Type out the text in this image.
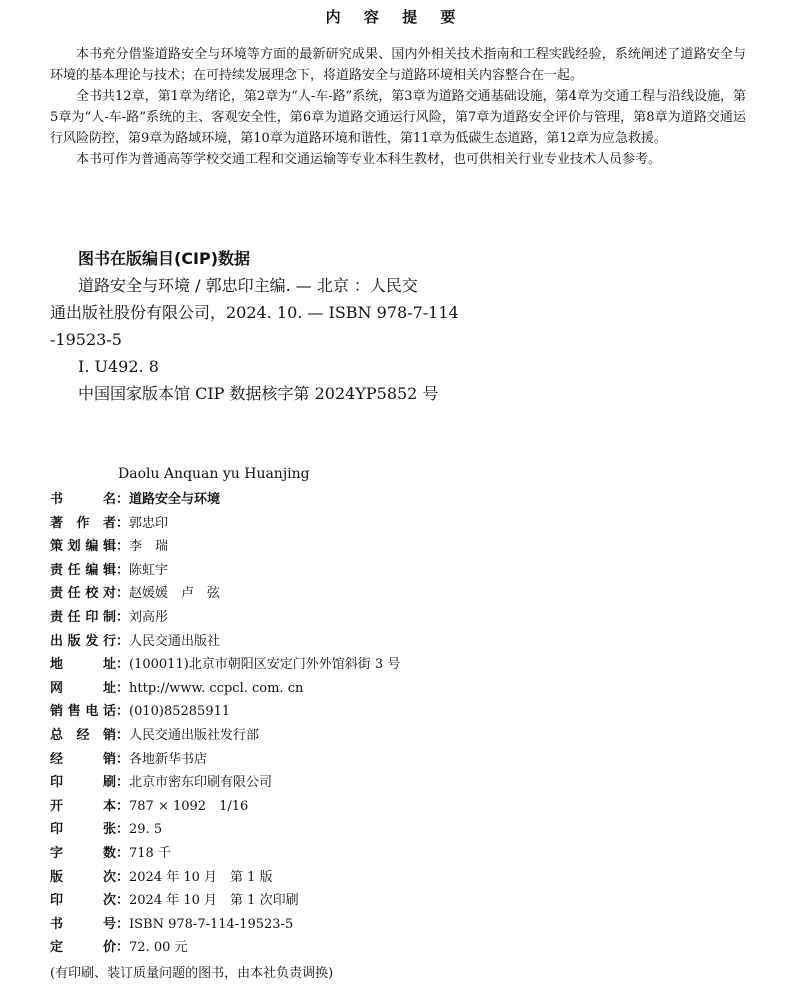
内 容 提 要

本书充分借鉴道路安全与环境等方面的最新研究成果、国内外相关技术指南和工程实践经验，系统阐述了道路安全与环境的基本理论与技术；在可持续发展理念下，将道路安全与道路环境相关内容整合在一起。

全书共12章，第1章为绪论，第2章为“人-车-路”系统，第3章为道路交通基础设施，第4章为交通工程与沿线设施，第5章为“人-车-路”系统的主、客观安全性，第6章为道路交通运行风险，第7章为道路安全评价与管理，第8章为道路交通运行风险防控，第9章为路域环境，第10章为道路环境和谐性，第11章为低碳生态道路，第12章为应急救援。

本书可作为普通高等学校交通工程和交通运输等专业本科生教材，也可供相关行业专业技术人员参考。

图书在版编目(CIP)数据
道路安全与环境 / 郭忠印主编. — 北京 ：人民交
通出版社股份有限公司，2024. 10. — ISBN 978-7-114
-19523-5
Ⅰ. U492. 8
中国国家版本馆 CIP 数据核字第 2024YP5852 号
Daolu Anquan yu Huanjing
书名：道路安全与环境
著作者：郭忠印
策划编辑：李　瑞
责任编辑：陈虹宇
责任校对：赵媛媛　卢　弦
责任印制：刘高彤
出版发行：人民交通出版社
地址：(100011)北京市朝阳区安定门外外馆斜街 3 号
网址：http://www. ccpcl. com. cn
销售电话：(010)85285911
总经销：人民交通出版社发行部
经销：各地新华书店
印刷：北京市密东印刷有限公司
开本：787 × 1092　1/16
印张：29. 5
字数：718 千
版次：2024 年 10 月　第 1 版
印次：2024 年 10 月　第 1 次印刷
书号：ISBN 978-7-114-19523-5
定价：72. 00 元
(有印刷、装订质量问题的图书，由本社负责调换)
